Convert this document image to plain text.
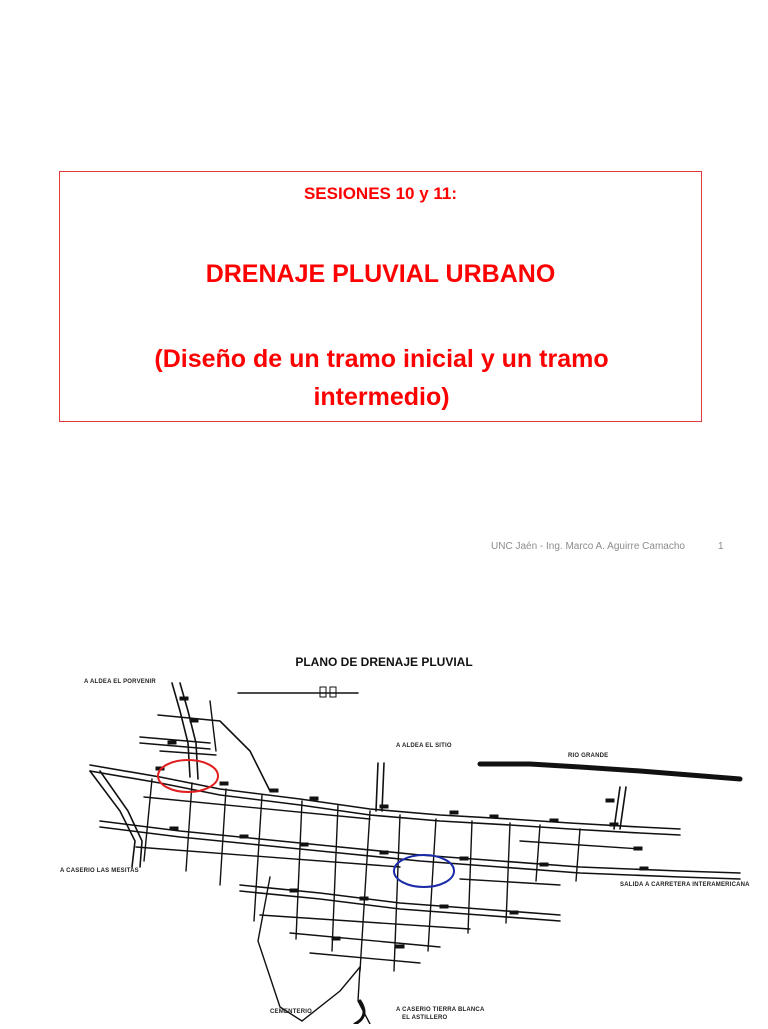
SESIONES 10 y 11:
DRENAJE PLUVIAL URBANO
(Diseño de un tramo inicial y un tramo intermedio)
UNC Jaén - Ing. Marco A. Aguirre Camacho	1
PLANO DE DRENAJE PLUVIAL
A ALDEA EL PORVENIR
A ALDEA EL SITIO
RIO GRANDE
A CASERIO LAS MESITAS
SALIDA A CARRETERA INTERAMERICANA
A CASERIO TIERRA BLANCA
EL ASTILLERO
CEMENTERIO
